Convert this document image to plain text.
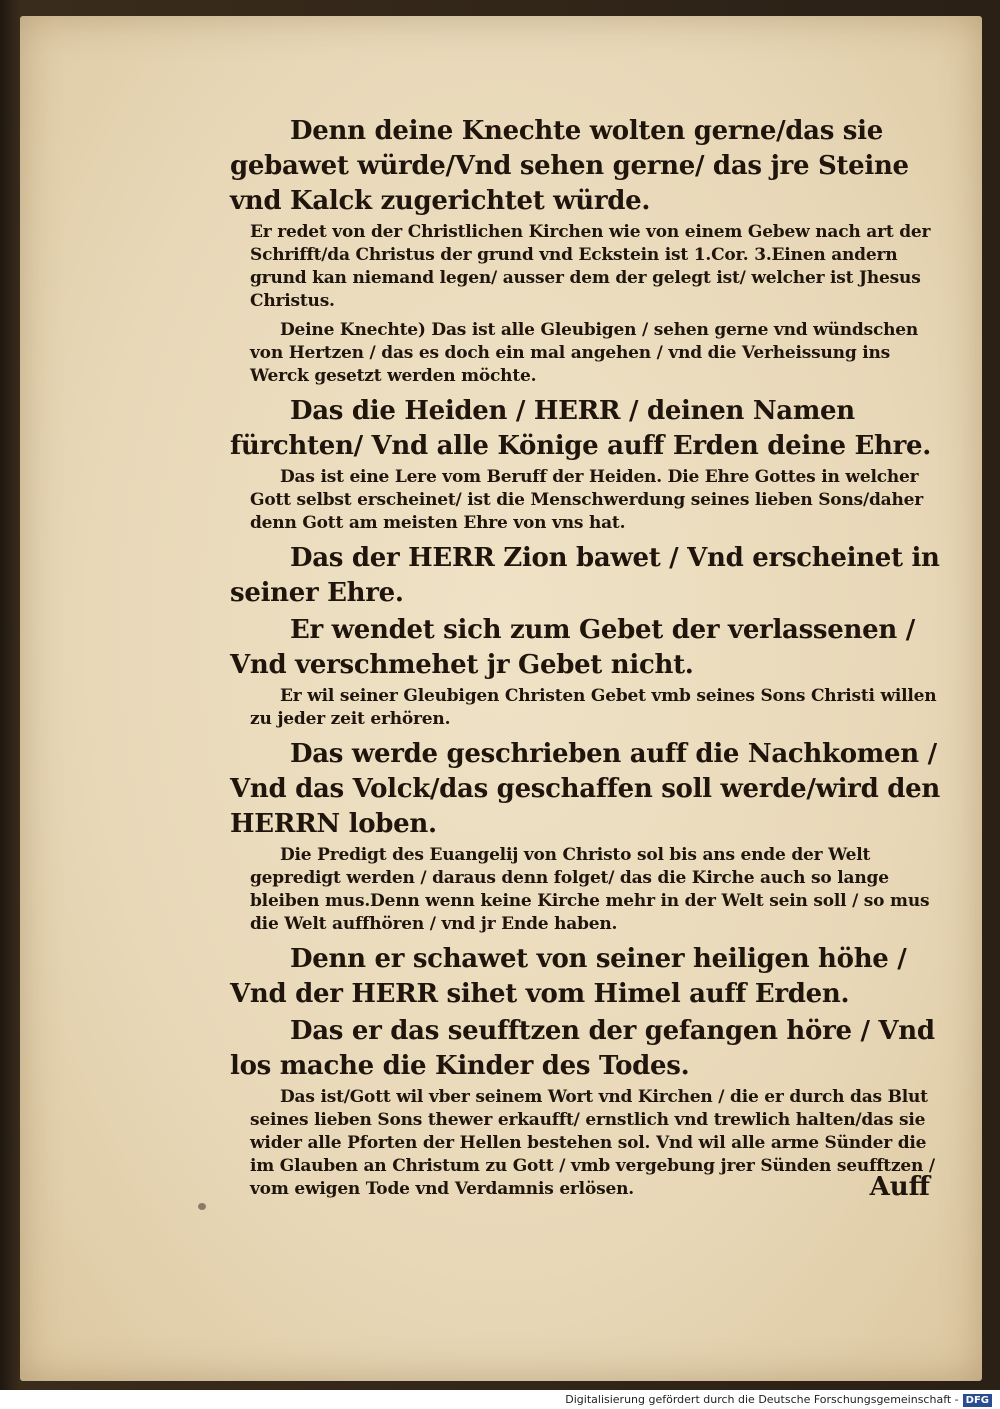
Denn deine Knechte wolten gerne/das sie gebawet würde/Vnd sehen gerne/ das jre Steine vnd Kalck zugerichtet würde.

Er redet von der Christlichen Kirchen wie von einem Gebew nach art der Schrifft/da Christus der grund vnd Eckstein ist 1.Cor. 3.Einen andern grund kan niemand legen/ ausser dem der gelegt ist/ welcher ist Jhesus Christus.

Deine Knechte) Das ist alle Gleubigen / sehen gerne vnd wündschen von Hertzen / das es doch ein mal angehen / vnd die Verheissung ins Werck gesetzt werden möchte.

Das die Heiden / HERR / deinen Namen fürchten/ Vnd alle Könige auff Erden deine Ehre.

Das ist eine Lere vom Beruff der Heiden. Die Ehre Gottes in welcher Gott selbst erscheinet/ ist die Menschwerdung seines lieben Sons/daher denn Gott am meisten Ehre von vns hat.

Das der HERR Zion bawet / Vnd erscheinet in seiner Ehre.

Er wendet sich zum Gebet der verlassenen / Vnd verschmehet jr Gebet nicht.

Er wil seiner Gleubigen Christen Gebet vmb seines Sons Christi willen zu jeder zeit erhören.

Das werde geschrieben auff die Nachkomen / Vnd das Volck/das geschaffen soll werde/wird den HERRN loben.

Die Predigt des Euangelij von Christo sol bis ans ende der Welt gepredigt werden / daraus denn folget/ das die Kirche auch so lange bleiben mus.Denn wenn keine Kirche mehr in der Welt sein soll / so mus die Welt auffhören / vnd jr Ende haben.

Denn er schawet von seiner heiligen höhe / Vnd der HERR sihet vom Himel auff Erden.

Das er das seufftzen der gefangen höre / Vnd los mache die Kinder des Todes.

Das ist/Gott wil vber seinem Wort vnd Kirchen / die er durch das Blut seines lieben Sons thewer erkaufft/ ernstlich vnd trewlich halten/das sie wider alle Pforten der Hellen bestehen sol. Vnd wil alle arme Sünder die im Glauben an Christum zu Gott / vmb vergebung jrer Sünden seufftzen / vom ewigen Tode vnd Verdamnis erlösen.	Auff
Digitalisierung gefördert durch die Deutsche Forschungsgemeinschaft - DFG
